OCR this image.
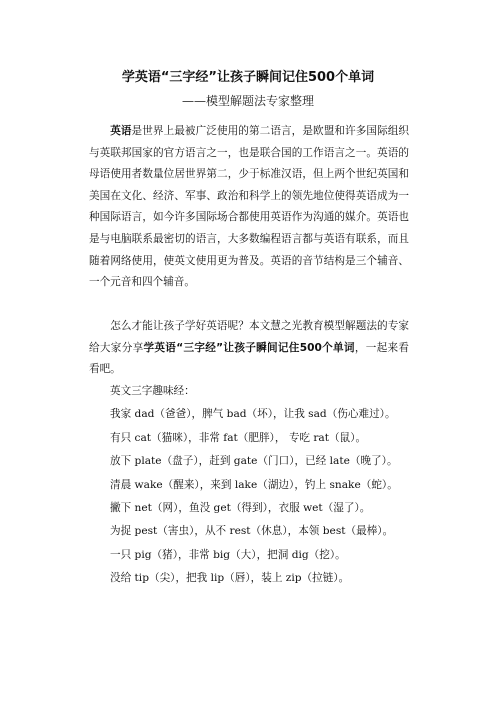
学英语“三字经”让孩子瞬间记住500个单词
——模型解题法专家整理

英语是世界上最被广泛使用的第二语言，是欧盟和许多国际组织与英联邦国家的官方语言之一，也是联合国的工作语言之一。英语的母语使用者数量位居世界第二，少于标准汉语，但上两个世纪英国和美国在文化、经济、军事、政治和科学上的领先地位使得英语成为一种国际语言，如今许多国际场合都使用英语作为沟通的媒介。英语也是与电脑联系最密切的语言，大多数编程语言都与英语有联系，而且随着网络使用，使英文使用更为普及。英语的音节结构是三个辅音、一个元音和四个辅音。

怎么才能让孩子学好英语呢？本文慧之光教育模型解题法的专家给大家分享学英语“三字经”让孩子瞬间记住500个单词，一起来看看吧。

英文三字趣味经：

我家 dad（爸爸），脾气 bad（坏），让我 sad（伤心难过）。

有只 cat（猫咪），非常 fat（肥胖）， 专吃 rat（鼠）。

放下 plate（盘子），赶到 gate（门口），已经 late（晚了）。

清晨 wake（醒来），来到 lake（湖边），钓上 snake（蛇）。

撇下 net（网），鱼没 get（得到），衣服 wet（湿了）。

为捉 pest（害虫），从不 rest（休息），本领 best（最棒）。

一只 pig（猪），非常 big（大），把洞 dig（挖）。

没给 tip（尖），把我 lip（唇），装上 zip（拉链）。
